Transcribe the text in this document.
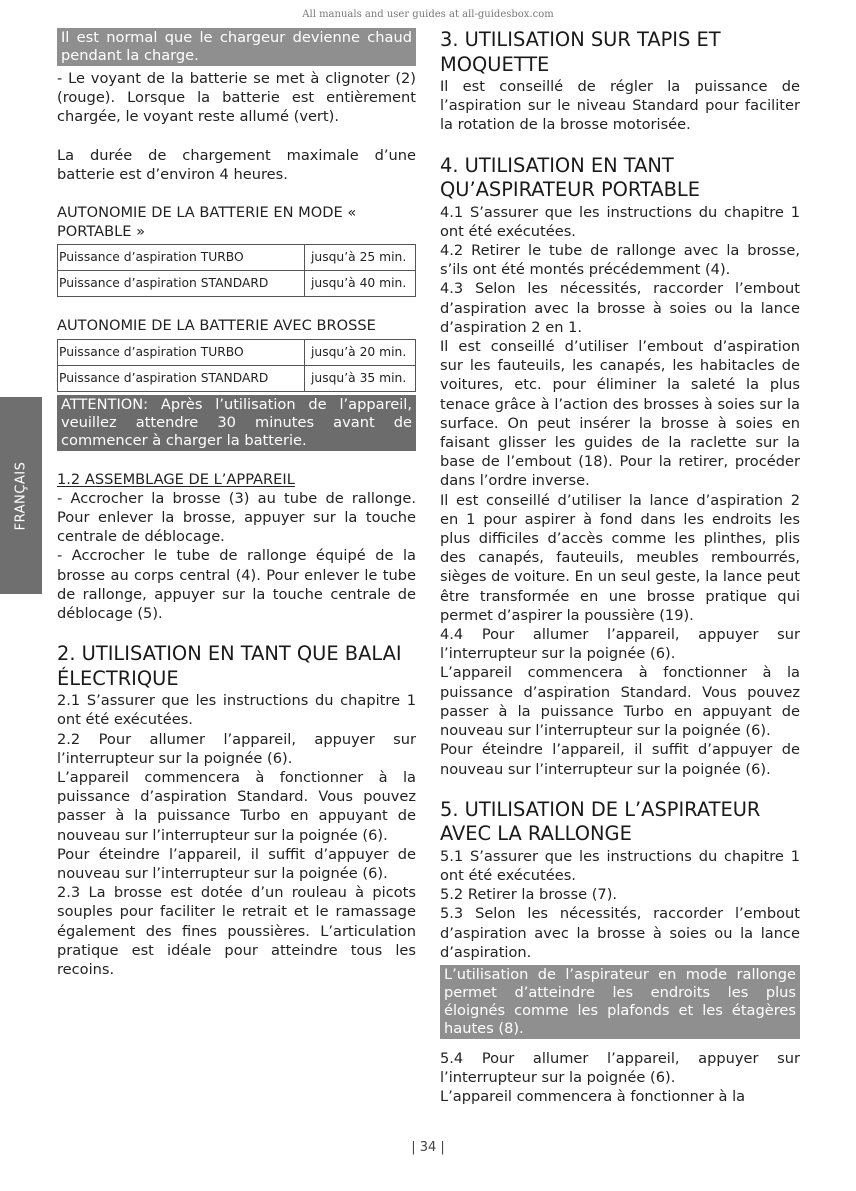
All manuals and user guides at all-guidesbox.com
FRANÇAIS
Il est normal que le chargeur devienne chaud pendant la charge.
- Le voyant de la batterie se met à clignoter (2) (rouge). Lorsque la batterie est entièrement chargée, le voyant reste allumé (vert).
La durée de chargement maximale d’une batterie est d’environ 4 heures.
AUTONOMIE DE LA BATTERIE EN MODE « PORTABLE »
Puissance d’aspiration TURBO	jusqu’à 25 min.
Puissance d’aspiration STANDARD	jusqu’à 40 min.
AUTONOMIE DE LA BATTERIE AVEC BROSSE
Puissance d’aspiration TURBO	jusqu’à 20 min.
Puissance d’aspiration STANDARD	jusqu’à 35 min.
ATTENTION: Après l’utilisation de l’appareil, veuillez attendre 30 minutes avant de commencer à charger la batterie.
1.2 ASSEMBLAGE DE L’APPAREIL
- Accrocher la brosse (3) au tube de rallonge. Pour enlever la brosse, appuyer sur la touche centrale de déblocage.
- Accrocher le tube de rallonge équipé de la brosse au corps central (4). Pour enlever le tube de rallonge, appuyer sur la touche centrale de déblocage (5).
2. UTILISATION EN TANT QUE BALAI ÉLECTRIQUE
2.1 S’assurer que les instructions du chapitre 1 ont été exécutées.
2.2 Pour allumer l’appareil, appuyer sur l’interrupteur sur la poignée (6).
L’appareil commencera à fonctionner à la puissance d’aspiration Standard. Vous pouvez passer à la puissance Turbo en appuyant de nouveau sur l’interrupteur sur la poignée (6).
Pour éteindre l’appareil, il suffit d’appuyer de nouveau sur l’interrupteur sur la poignée (6).
2.3 La brosse est dotée d’un rouleau à picots souples pour faciliter le retrait et le ramassage également des fines poussières. L’articulation pratique est idéale pour atteindre tous les recoins.
3. UTILISATION SUR TAPIS ET MOQUETTE
Il est conseillé de régler la puissance de l’aspiration sur le niveau Standard pour faciliter la rotation de la brosse motorisée.
4. UTILISATION EN TANT QU’ASPIRATEUR PORTABLE
4.1 S’assurer que les instructions du chapitre 1 ont été exécutées.
4.2 Retirer le tube de rallonge avec la brosse, s’ils ont été montés précédemment (4).
4.3 Selon les nécessités, raccorder l’embout d’aspiration avec la brosse à soies ou la lance d’aspiration 2 en 1.
Il est conseillé d’utiliser l’embout d’aspiration sur les fauteuils, les canapés, les habitacles de voitures, etc. pour éliminer la saleté la plus tenace grâce à l’action des brosses à soies sur la surface. On peut insérer la brosse à soies en faisant glisser les guides de la raclette sur la base de l’embout (18). Pour la retirer, procéder dans l’ordre inverse.
Il est conseillé d’utiliser la lance d’aspiration 2 en 1 pour aspirer à fond dans les endroits les plus difficiles d’accès comme les plinthes, plis des canapés, fauteuils, meubles rembourrés, sièges de voiture. En un seul geste, la lance peut être transformée en une brosse pratique qui permet d’aspirer la poussière (19).
4.4 Pour allumer l’appareil, appuyer sur l’interrupteur sur la poignée (6).
L’appareil commencera à fonctionner à la puissance d’aspiration Standard. Vous pouvez passer à la puissance Turbo en appuyant de nouveau sur l’interrupteur sur la poignée (6).
Pour éteindre l’appareil, il suffit d’appuyer de nouveau sur l’interrupteur sur la poignée (6).
5. UTILISATION DE L’ASPIRATEUR AVEC LA RALLONGE
5.1 S’assurer que les instructions du chapitre 1 ont été exécutées.
5.2 Retirer la brosse (7).
5.3 Selon les nécessités, raccorder l’embout d’aspiration avec la brosse à soies ou la lance d’aspiration.
L’utilisation de l’aspirateur en mode rallonge permet d’atteindre les endroits les plus éloignés comme les plafonds et les étagères hautes (8).
5.4 Pour allumer l’appareil, appuyer sur l’interrupteur sur la poignée (6).
L’appareil commencera à fonctionner à la
| 34 |
